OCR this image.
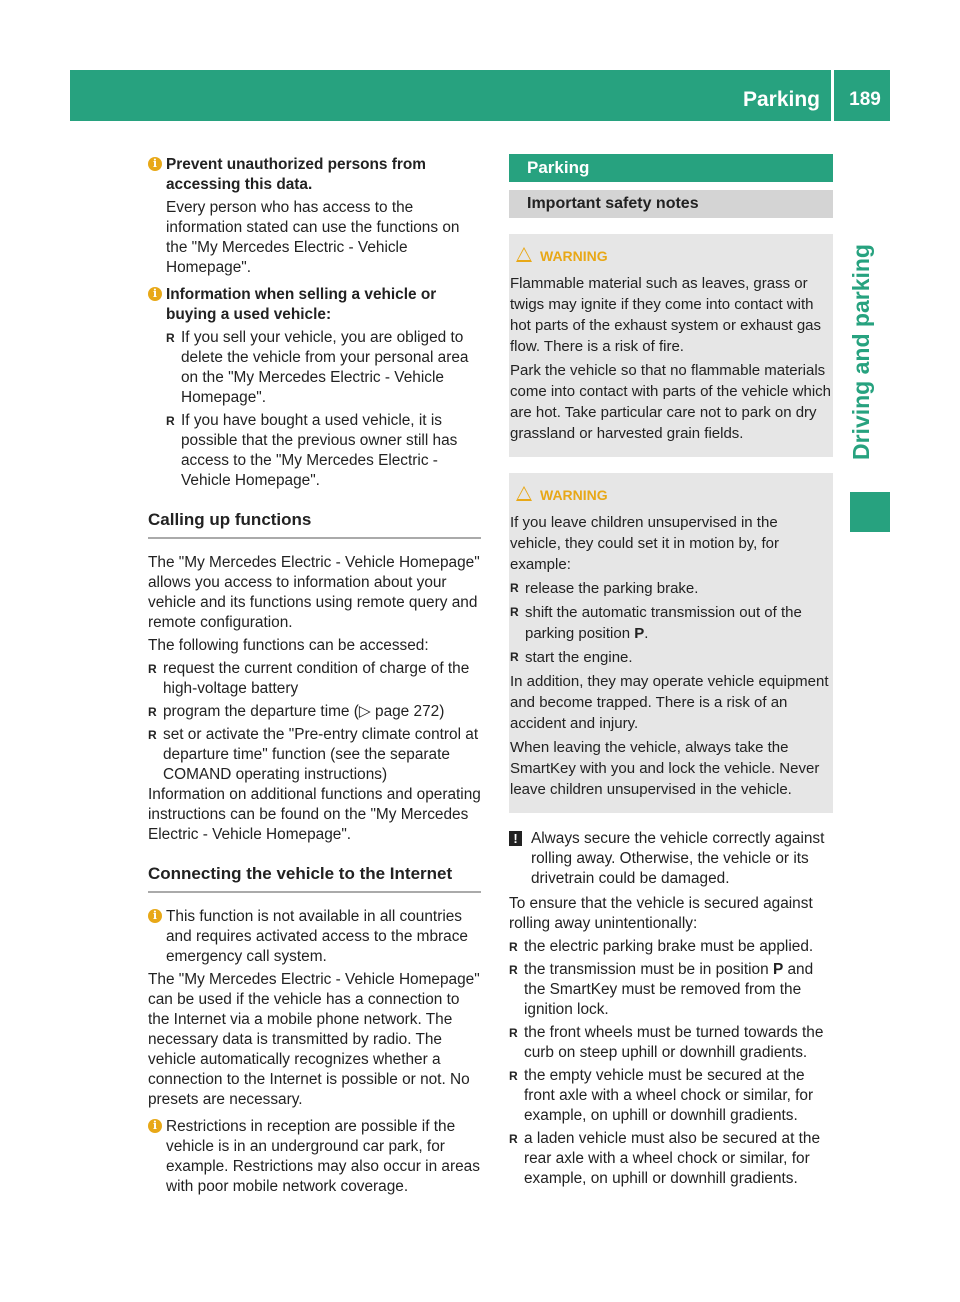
Parking	189
Driving and parking
i Prevent unauthorized persons from accessing this data.

Every person who has access to the information stated can use the functions on the "My Mercedes Electric - Vehicle Homepage".

i Information when selling a vehicle or buying a used vehicle:
R If you sell your vehicle, you are obliged to delete the vehicle from your personal area on the "My Mercedes Electric - Vehicle Homepage".
R If you have bought a used vehicle, it is possible that the previous owner still has access to the "My Mercedes Electric - Vehicle Homepage".
Calling up functions

The "My Mercedes Electric - Vehicle Homepage" allows you access to information about your vehicle and its functions using remote query and remote configuration.

The following functions can be accessed:

R request the current condition of charge of the high-voltage battery
R program the departure time (▷ page 272)
R set or activate the "Pre-entry climate control at departure time" function (see the separate COMAND operating instructions)

Information on additional functions and operating instructions can be found on the "My Mercedes Electric - Vehicle Homepage".

Connecting the vehicle to the Internet
i This function is not available in all countries and requires activated access to the mbrace emergency call system.

The "My Mercedes Electric - Vehicle Homepage" can be used if the vehicle has a connection to the Internet via a mobile phone network. The necessary data is transmitted by radio. The vehicle automatically recognizes whether a connection to the Internet is possible or not. No presets are necessary.

i Restrictions in reception are possible if the vehicle is in an underground car park, for example. Restrictions may also occur in areas with poor mobile network coverage.
Parking
Important safety notes
WARNING

Flammable material such as leaves, grass or twigs may ignite if they come into contact with hot parts of the exhaust system or exhaust gas flow. There is a risk of fire.

Park the vehicle so that no flammable materials come into contact with parts of the vehicle which are hot. Take particular care not to park on dry grassland or harvested grain fields.

WARNING

If you leave children unsupervised in the vehicle, they could set it in motion by, for example:

R release the parking brake.
R shift the automatic transmission out of the parking position P.
R start the engine.

In addition, they may operate vehicle equipment and become trapped. There is a risk of an accident and injury.

When leaving the vehicle, always take the SmartKey with you and lock the vehicle. Never leave children unsupervised in the vehicle.

! Always secure the vehicle correctly against rolling away. Otherwise, the vehicle or its drivetrain could be damaged.

To ensure that the vehicle is secured against rolling away unintentionally:

R the electric parking brake must be applied.
R the transmission must be in position P and the SmartKey must be removed from the ignition lock.
R the front wheels must be turned towards the curb on steep uphill or downhill gradients.
R the empty vehicle must be secured at the front axle with a wheel chock or similar, for example, on uphill or downhill gradients.
R a laden vehicle must also be secured at the rear axle with a wheel chock or similar, for example, on uphill or downhill gradients.
